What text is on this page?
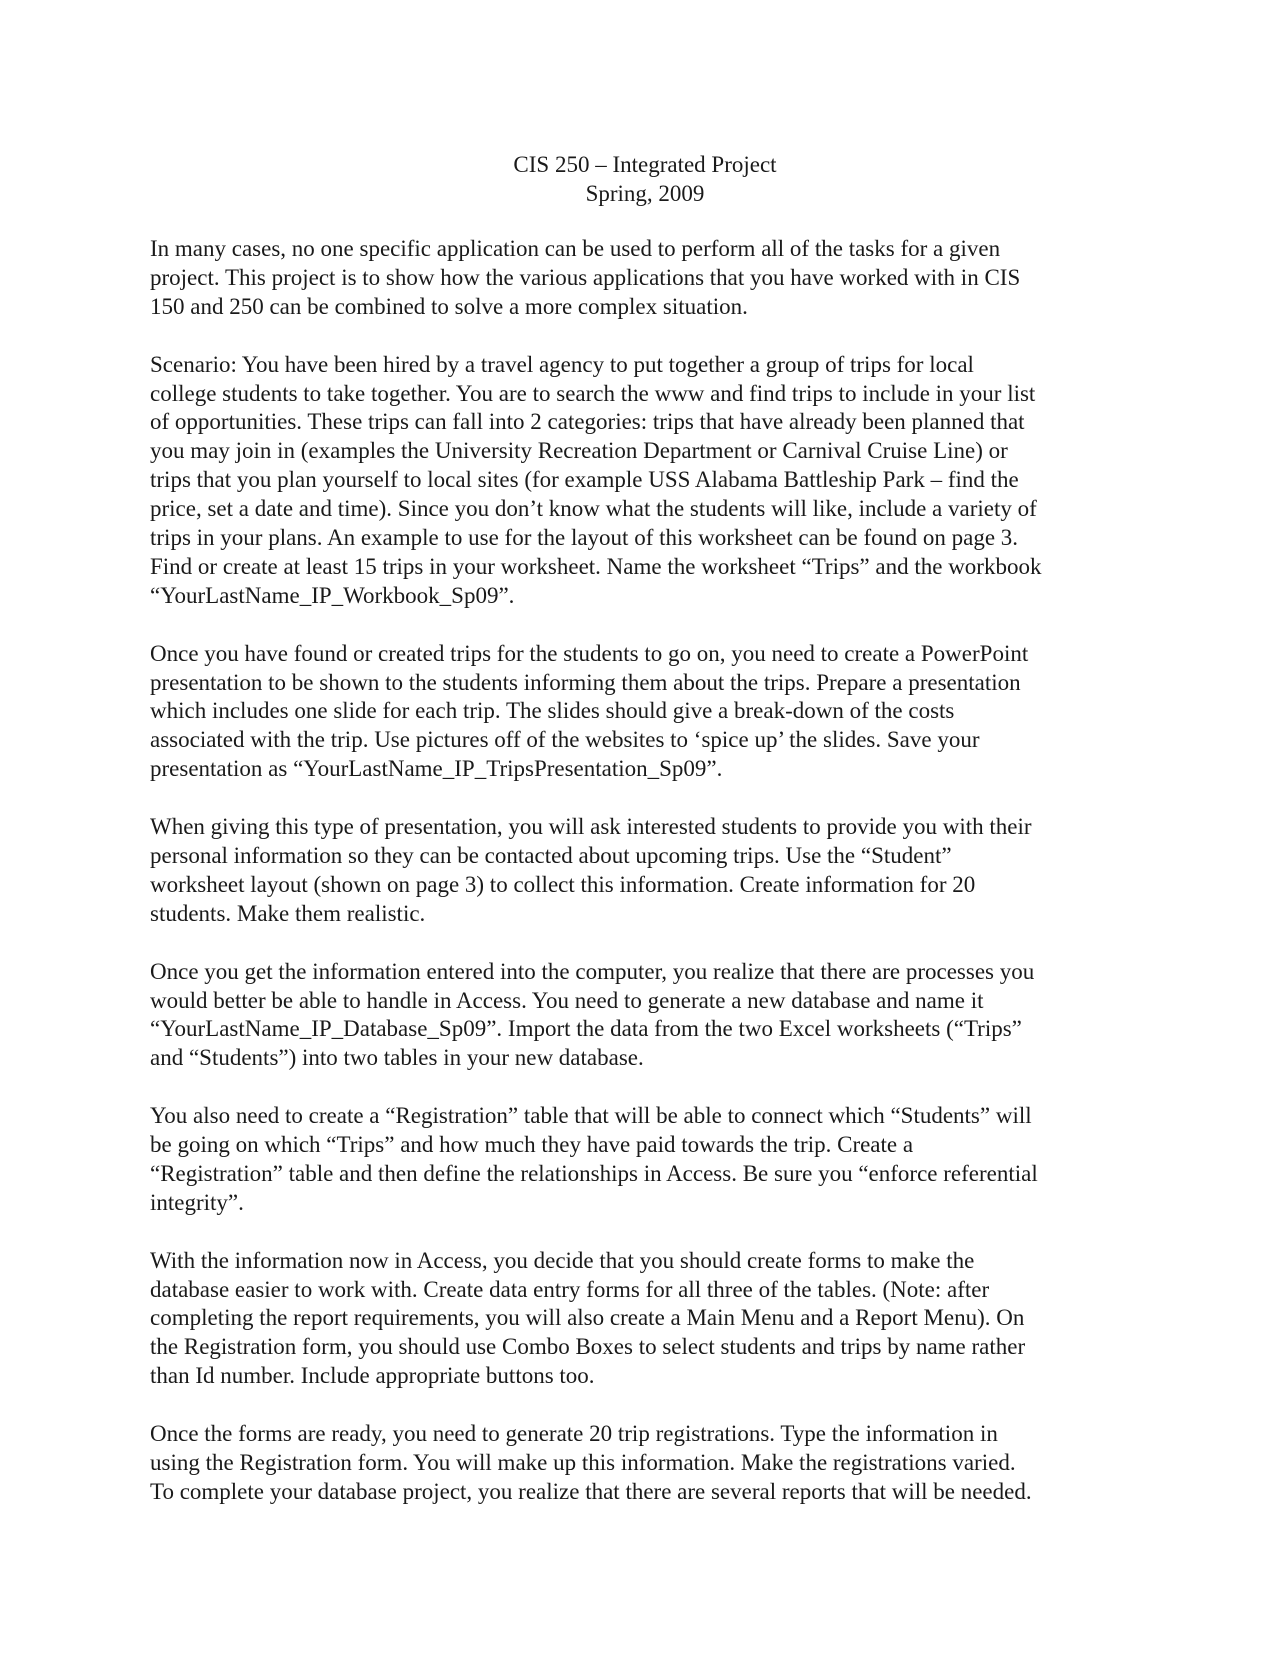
CIS 250 – Integrated Project
Spring, 2009

In many cases, no one specific application can be used to perform all of the tasks for a given
project. This project is to show how the various applications that you have worked with in CIS
150 and 250 can be combined to solve a more complex situation.

Scenario: You have been hired by a travel agency to put together a group of trips for local
college students to take together. You are to search the www and find trips to include in your list
of opportunities. These trips can fall into 2 categories: trips that have already been planned that
you may join in (examples the University Recreation Department or Carnival Cruise Line) or
trips that you plan yourself to local sites (for example USS Alabama Battleship Park – find the
price, set a date and time). Since you don’t know what the students will like, include a variety of
trips in your plans. An example to use for the layout of this worksheet can be found on page 3.
Find or create at least 15 trips in your worksheet. Name the worksheet “Trips” and the workbook
“YourLastName_IP_Workbook_Sp09”.

Once you have found or created trips for the students to go on, you need to create a PowerPoint
presentation to be shown to the students informing them about the trips. Prepare a presentation
which includes one slide for each trip. The slides should give a break-down of the costs
associated with the trip. Use pictures off of the websites to ‘spice up’ the slides. Save your
presentation as “YourLastName_IP_TripsPresentation_Sp09”.

When giving this type of presentation, you will ask interested students to provide you with their
personal information so they can be contacted about upcoming trips. Use the “Student”
worksheet layout (shown on page 3) to collect this information. Create information for 20
students. Make them realistic.

Once you get the information entered into the computer, you realize that there are processes you
would better be able to handle in Access. You need to generate a new database and name it
“YourLastName_IP_Database_Sp09”. Import the data from the two Excel worksheets (“Trips”
and “Students”) into two tables in your new database.

You also need to create a “Registration” table that will be able to connect which “Students” will
be going on which “Trips” and how much they have paid towards the trip. Create a
“Registration” table and then define the relationships in Access. Be sure you “enforce referential
integrity”.

With the information now in Access, you decide that you should create forms to make the
database easier to work with. Create data entry forms for all three of the tables. (Note: after
completing the report requirements, you will also create a Main Menu and a Report Menu). On
the Registration form, you should use Combo Boxes to select students and trips by name rather
than Id number. Include appropriate buttons too.

Once the forms are ready, you need to generate 20 trip registrations. Type the information in
using the Registration form. You will make up this information. Make the registrations varied.
To complete your database project, you realize that there are several reports that will be needed.
